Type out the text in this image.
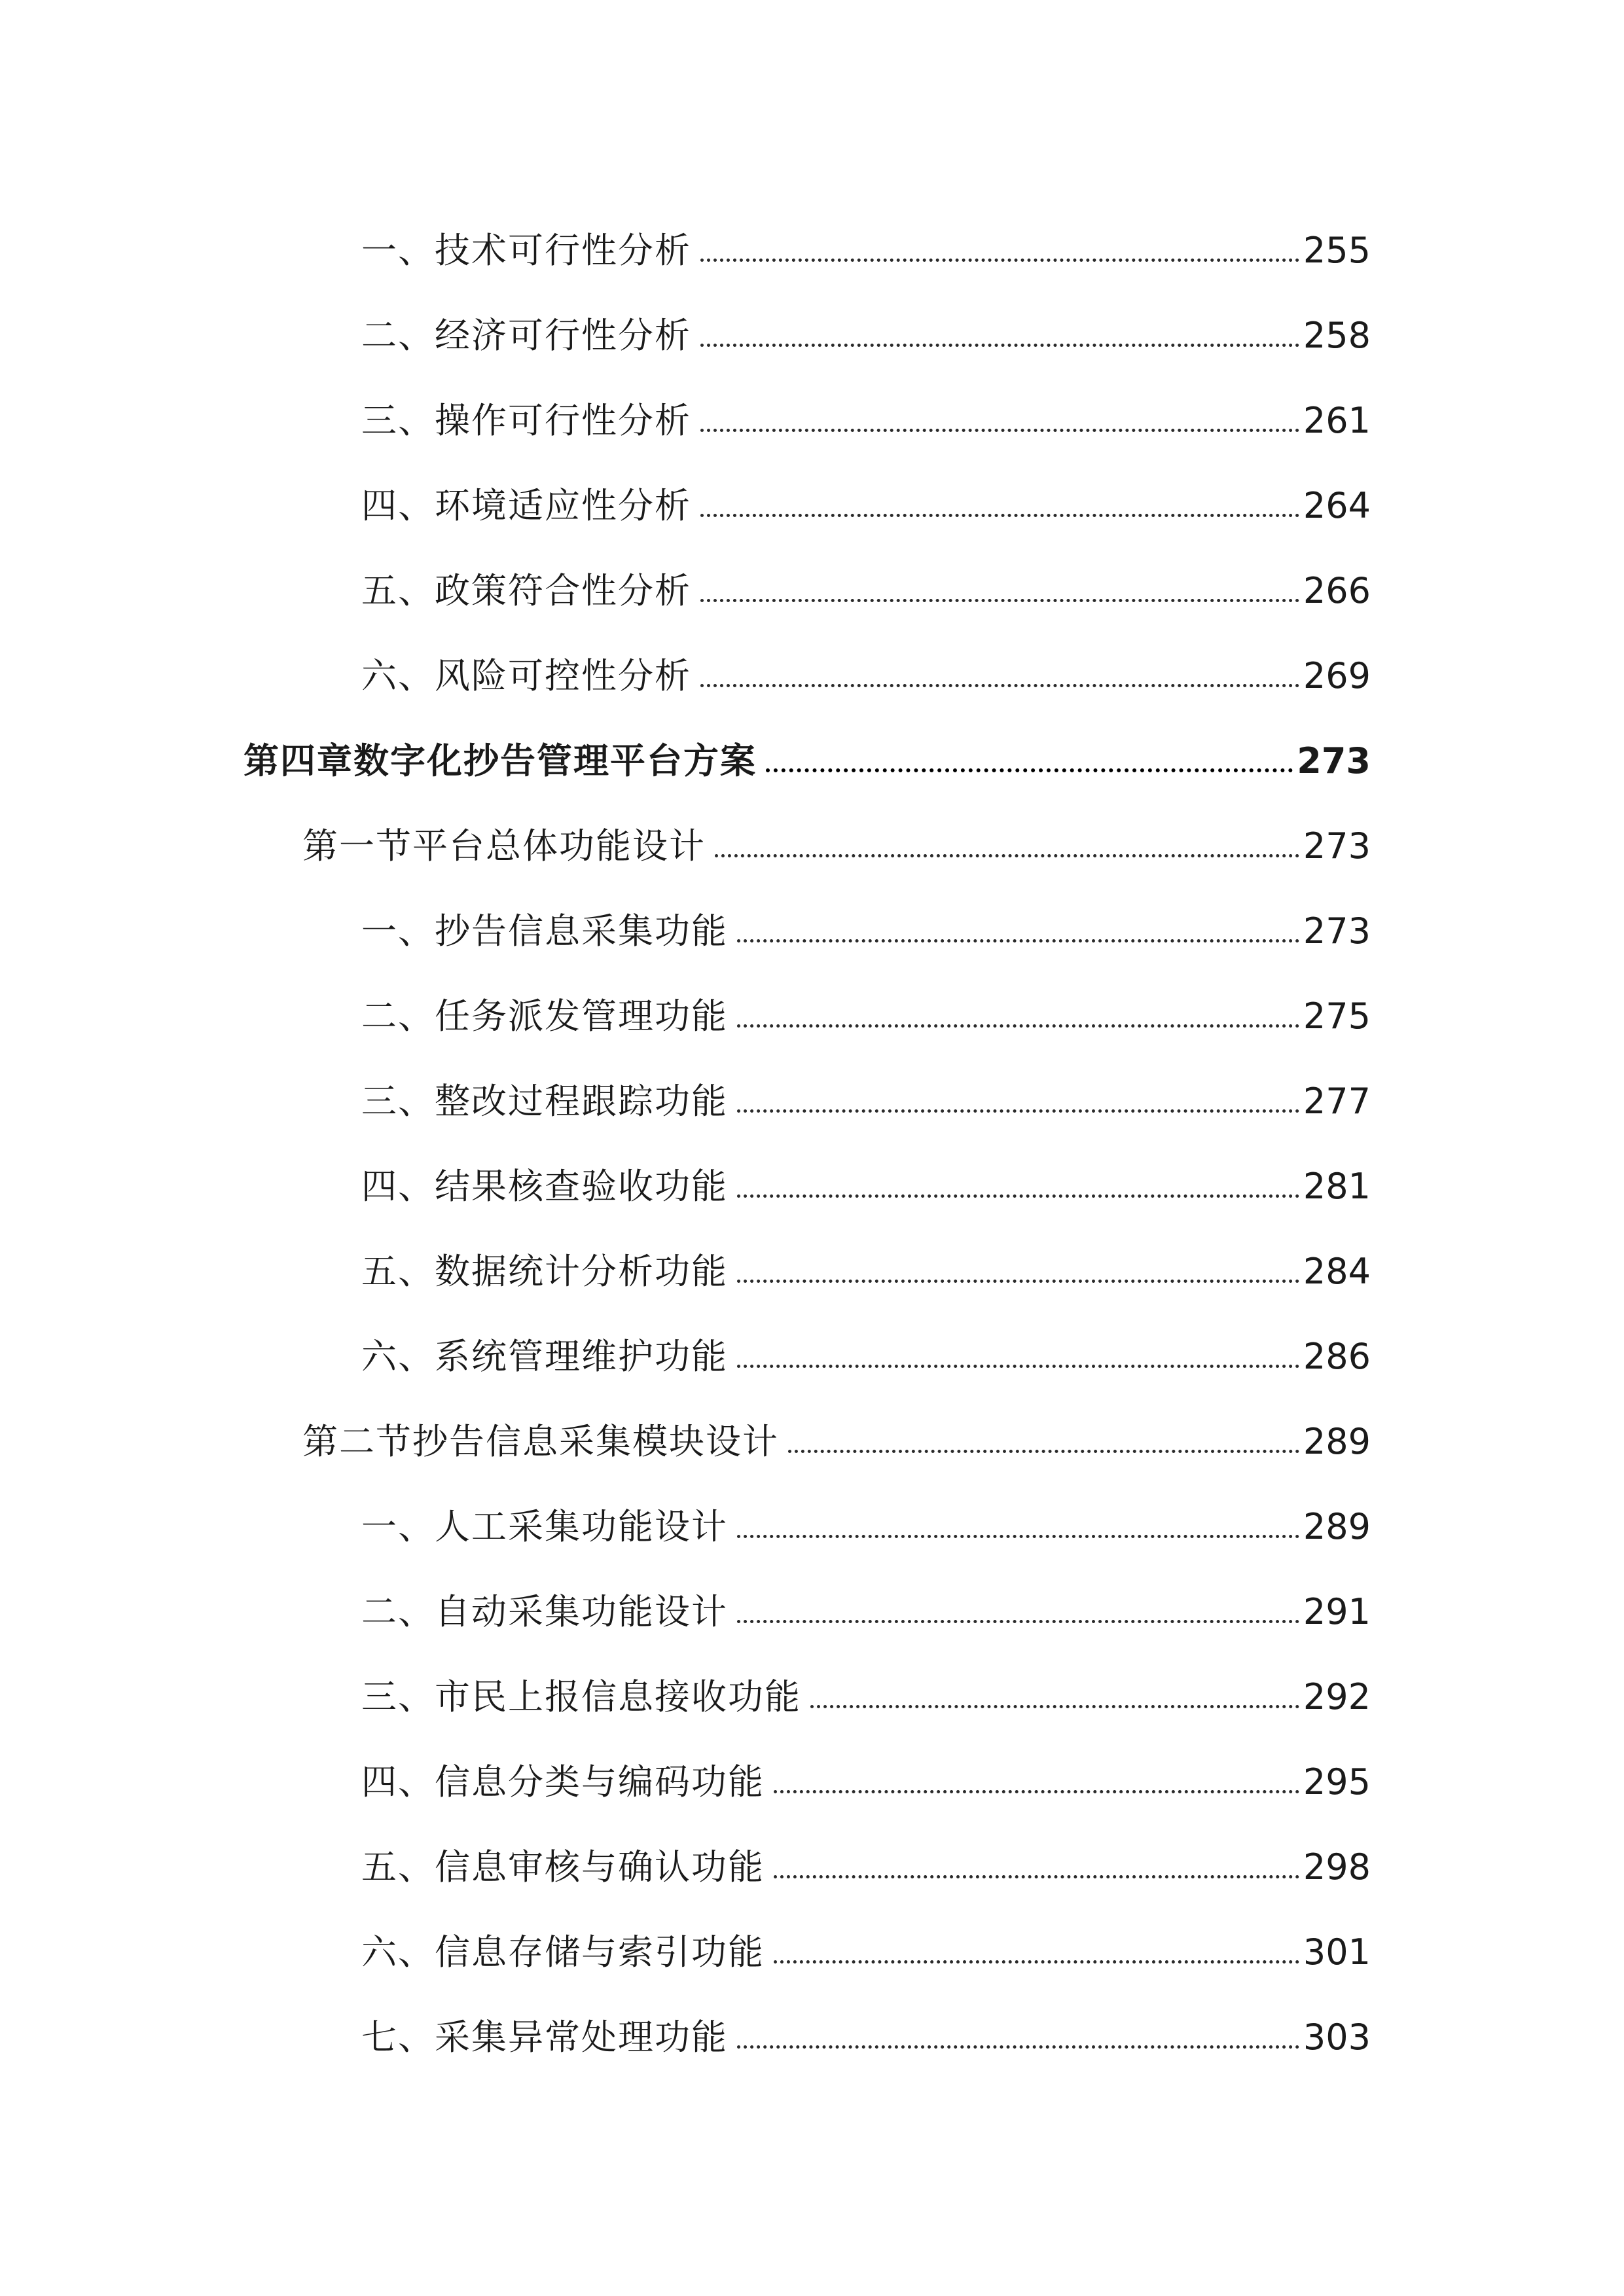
一、技术可行性分析	255
二、经济可行性分析	258
三、操作可行性分析	261
四、环境适应性分析	264
五、政策符合性分析	266
六、风险可控性分析	269
第四章数字化抄告管理平台方案	273
第一节平台总体功能设计	273
一、抄告信息采集功能	273
二、任务派发管理功能	275
三、整改过程跟踪功能	277
四、结果核查验收功能	281
五、数据统计分析功能	284
六、系统管理维护功能	286
第二节抄告信息采集模块设计	289
一、人工采集功能设计	289
二、自动采集功能设计	291
三、市民上报信息接收功能	292
四、信息分类与编码功能	295
五、信息审核与确认功能	298
六、信息存储与索引功能	301
七、采集异常处理功能	303
